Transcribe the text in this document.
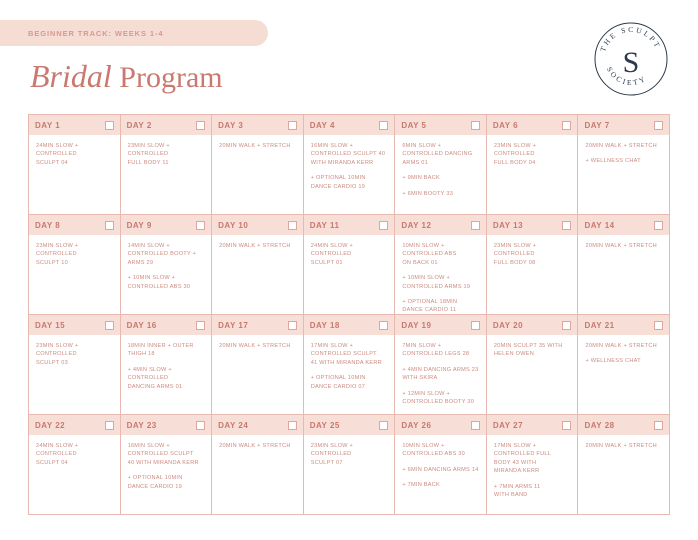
BEGINNER TRACK: WEEKS 1-4
Bridal Program
THE SCULPT
SOCIETY
S
DAY 1
24MIN SLOW +
CONTROLLED
SCULPT 04
DAY 2
23MIN SLOW +
CONTROLLED
FULL BODY 11
DAY 3
20MIN WALK + STRETCH
DAY 4
16MIN SLOW +
CONTROLLED SCULPT 40
WITH MIRANDA KERR
+ OPTIONAL 10MIN
DANCE CARDIO 19
DAY 5
6MIN SLOW +
CONTROLLED DANCING ARMS 01
+ 9MIN BACK
+ 6MIN BOOTY 33
DAY 6
23MIN SLOW +
CONTROLLED
FULL BODY 04
DAY 7
20MIN WALK + STRETCH
+ WELLNESS CHAT
DAY 8
23MIN SLOW +
CONTROLLED
SCULPT 10
DAY 9
14MIN SLOW +
CONTROLLED BOOTY +
ARMS 29
+ 10MIN SLOW +
CONTROLLED ABS 30
DAY 10
20MIN WALK + STRETCH
DAY 11
24MIN SLOW +
CONTROLLED
SCULPT 01
DAY 12
10MIN SLOW +
CONTROLLED ABS
ON BACK 01
+ 10MIN SLOW +
CONTROLLED ARMS 19
+ OPTIONAL 18MIN
DANCE CARDIO 11
DAY 13
23MIN SLOW +
CONTROLLED
FULL BODY 08
DAY 14
20MIN WALK + STRETCH
DAY 15
23MIN SLOW +
CONTROLLED
SCULPT 03
DAY 16
18MIN INNER + OUTER
THIGH 18
+ 4MIN SLOW +
CONTROLLED
DANCING ARMS 01
DAY 17
20MIN WALK + STRETCH
DAY 18
17MIN SLOW +
CONTROLLED SCULPT
41 WITH MIRANDA KERR
+ OPTIONAL 10MIN
DANCE CARDIO 07
DAY 19
7MIN SLOW +
CONTROLLED LEGS 28
+ 4MIN DANCING ARMS 23
WITH SKIRA
+ 12MIN SLOW +
CONTROLLED BOOTY 30
DAY 20
20MIN SCULPT 35 WITH
HELEN OWEN
DAY 21
20MIN WALK + STRETCH
+ WELLNESS CHAT
DAY 22
24MIN SLOW +
CONTROLLED
SCULPT 04
DAY 23
16MIN SLOW +
CONTROLLED SCULPT
40 WITH MIRANDA KERR
+ OPTIONAL 10MIN
DANCE CARDIO 19
DAY 24
20MIN WALK + STRETCH
DAY 25
23MIN SLOW +
CONTROLLED
SCULPT 07
DAY 26
10MIN SLOW +
CONTROLLED ABS 30
+ 6MIN DANCING ARMS 14
+ 7MIN BACK
DAY 27
17MIN SLOW +
CONTROLLED FULL
BODY 43 WITH
MIRANDA KERR
+ 7MIN ARMS 11
WITH BAND
DAY 28
20MIN WALK + STRETCH
